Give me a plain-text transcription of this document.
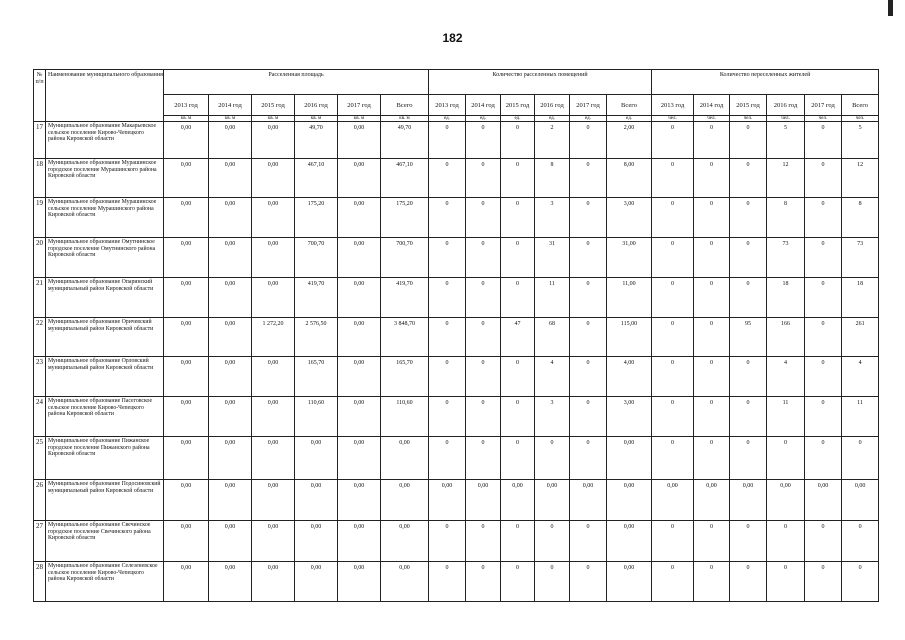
182
№ п/п	Наименование муниципального образования	Расселенная площадь						Количество расселенных помещений						Количество переселенных жителей					
		2013 год	2014 год	2015 год	2016 год	2017 год	Всего	2013 год	2014 год	2015 год	2016 год	2017 год	Всего	2013 год	2014 год	2015 год	2016 год	2017 год	Всего
		кв. м	кв. м	кв. м	кв. м	кв. м	кв. м	ед.	ед.	ед.	ед.	ед.	ед.	чел.	чел.	чел.	чел.	чел.	чел.
17	Муниципальное образование Макарьевское сельское поселение Кирово-Чепецкого района Кировской области	0,00	0,00	0,00	49,70	0,00	49,70	0	0	0	2	0	2,00	0	0	0	5	0	5
18	Муниципальное образование Мурашинское городское поселение Мурашинского района Кировской области	0,00	0,00	0,00	467,10	0,00	467,10	0	0	0	8	0	8,00	0	0	0	12	0	12
19	Муниципальное образование Мурашинское сельское поселение Мурашинского района Кировской области	0,00	0,00	0,00	175,20	0,00	175,20	0	0	0	3	0	3,00	0	0	0	8	0	8
20	Муниципальное образование Омутнинское городское поселение Омутнинского района Кировской области	0,00	0,00	0,00	700,70	0,00	700,70	0	0	0	31	0	31,00	0	0	0	73	0	73
21	Муниципальное образование Опаринский муниципальный район Кировской области	0,00	0,00	0,00	419,70	0,00	419,70	0	0	0	11	0	11,00	0	0	0	18	0	18
22	Муниципальное образование Оричевский муниципальный район Кировской области	0,00	0,00	1 272,20	2 576,50	0,00	3 848,70	0	0	47	68	0	115,00	0	0	95	166	0	261
23	Муниципальное образование Орловский муниципальный район Кировской области	0,00	0,00	0,00	165,70	0,00	165,70	0	0	0	4	0	4,00	0	0	0	4	0	4
24	Муниципальное образование Пасеговское сельское поселение Кирово-Чепецкого района Кировской области	0,00	0,00	0,00	110,60	0,00	110,60	0	0	0	3	0	3,00	0	0	0	11	0	11
25	Муниципальное образование Пижанское городское поселение Пижанского района Кировской области	0,00	0,00	0,00	0,00	0,00	0,00	0	0	0	0	0	0,00	0	0	0	0	0	0
26	Муниципальное образование Подосиновский муниципальный район Кировской области	0,00	0,00	0,00	0,00	0,00	0,00	0,00	0,00	0,00	0,00	0,00	0,00	0,00	0,00	0,00	0,00	0,00	0,00
27	Муниципальное образование Свечинское городское поселение Свечинского района Кировской области	0,00	0,00	0,00	0,00	0,00	0,00	0	0	0	0	0	0,00	0	0	0	0	0	0
28	Муниципальное образование Селезеневское сельское поселение Кирово-Чепецкого района Кировской области	0,00	0,00	0,00	0,00	0,00	0,00	0	0	0	0	0	0,00	0	0	0	0	0	0
